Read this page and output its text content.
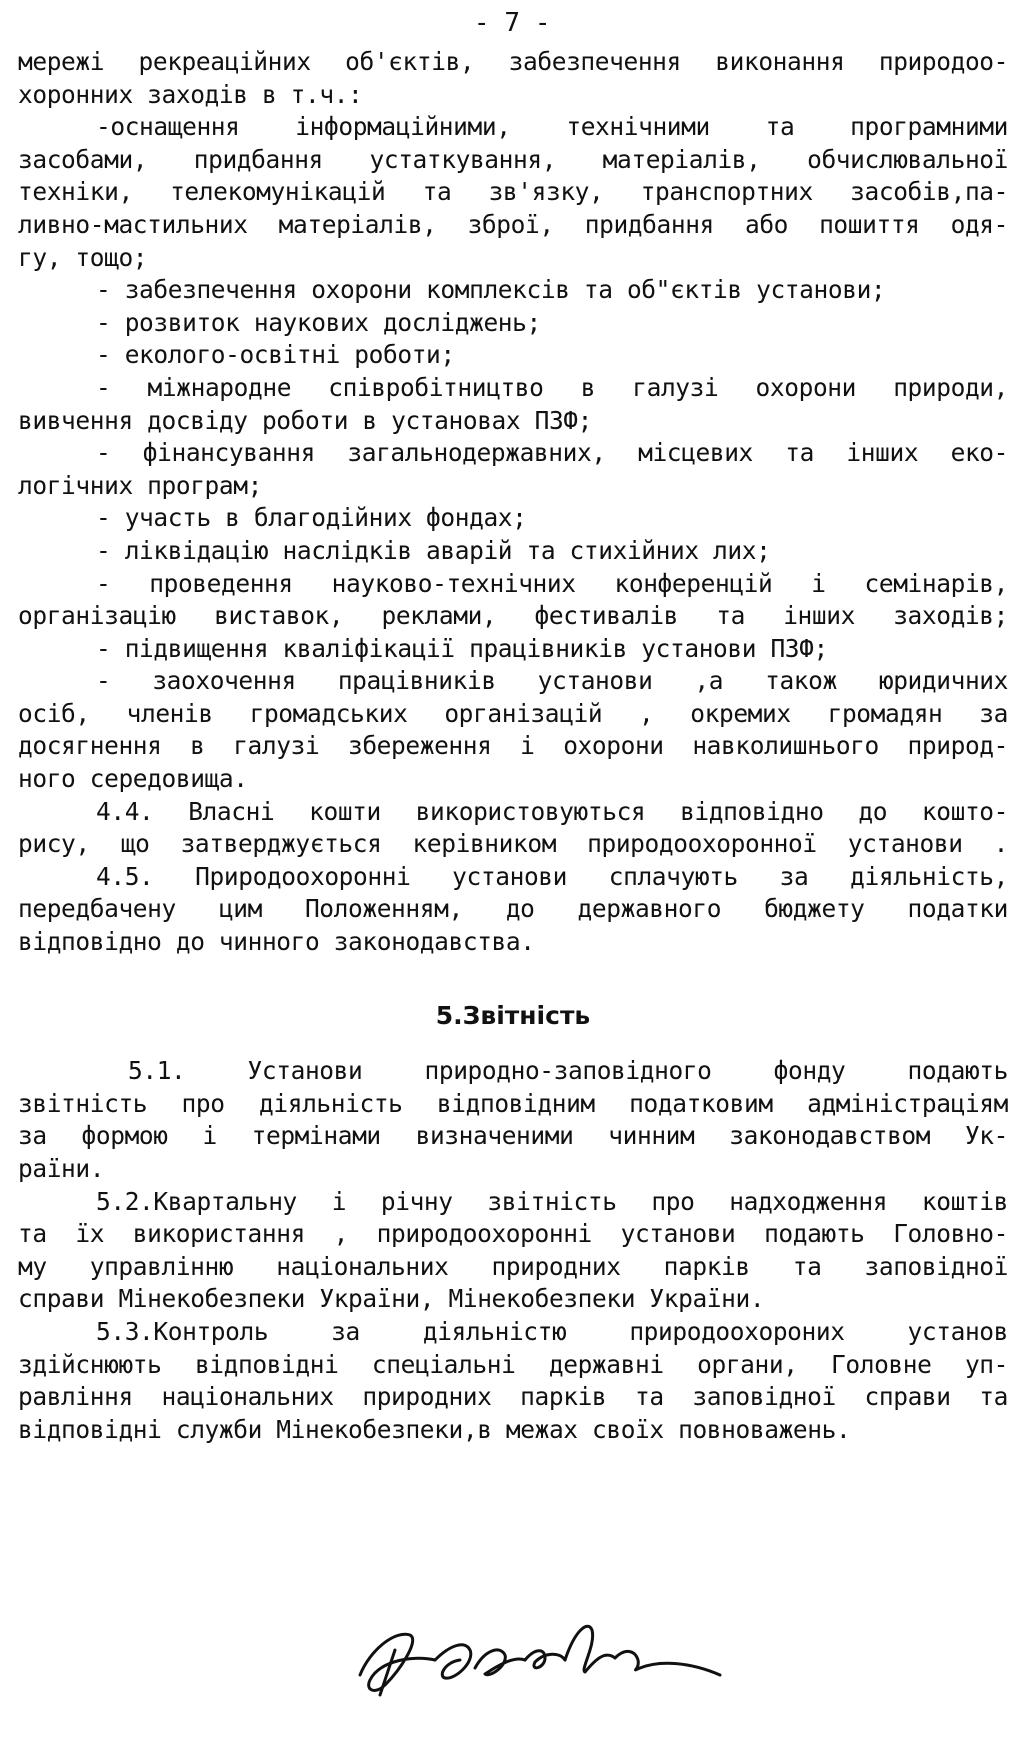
- 7 -
мережі рекреаційних об'єктів, забезпечення виконання природоо-
хоронних заходів в т.ч.:
-оснащення інформаційними, технічними та програмними
засобами, придбання устаткування, матеріалів, обчислювальної
техніки, телекомунікацій та зв'язку, транспортних засобів,па-
ливно-мастильних матеріалів, зброї, придбання або пошиття одя-
гу, тощо;
- забезпечення охорони комплексів та об"єктів установи;
- розвиток наукових досліджень;
- еколого-освітні роботи;
- міжнародне співробітництво в галузі охорони природи,
вивчення досвіду роботи в установах ПЗФ;
- фінансування загальнодержавних, місцевих та інших еко-
логічних програм;
- участь в благодійних фондах;
- ліквідацію наслідків аварій та стихійних лих;
- проведення науково-технічних конференцій і семінарів,
організацію виставок, реклами, фестивалів та інших заходів;
- підвищення кваліфікації працівників установи ПЗФ;
- заохочення працівників установи ,а також юридичних
осіб, членів громадських організацій , окремих громадян за
досягнення в галузі збереження і охорони навколишнього природ-
ного середовища.
4.4. Власні кошти використовуються відповідно до кошто-
рису, що затверджується керівником природоохоронної установи .
4.5. Природоохоронні установи сплачують за діяльність,
передбачену цим Положенням, до державного бюджету податки
відповідно до чинного законодавства.
5.Звітність
5.1. Установи природно-заповідного фонду подають
звітність про діяльність відповідним податковим адміністраціям
за формою і термінами визначеними чинним законодавством Ук-
раїни.
5.2.Квартальну і річну звітність про надходження коштів
та їх використання , природоохоронні установи подають Головно-
му управлінню національних природних парків та заповідної
справи Мінекобезпеки України, Мінекобезпеки України.
5.3.Контроль за діяльністю природоохороних установ
здійснюють відповідні спеціальні державні органи, Головне уп-
равління національних природних парків та заповідної справи та
відповідні служби Мінекобезпеки,в межах своїх повноважень.
